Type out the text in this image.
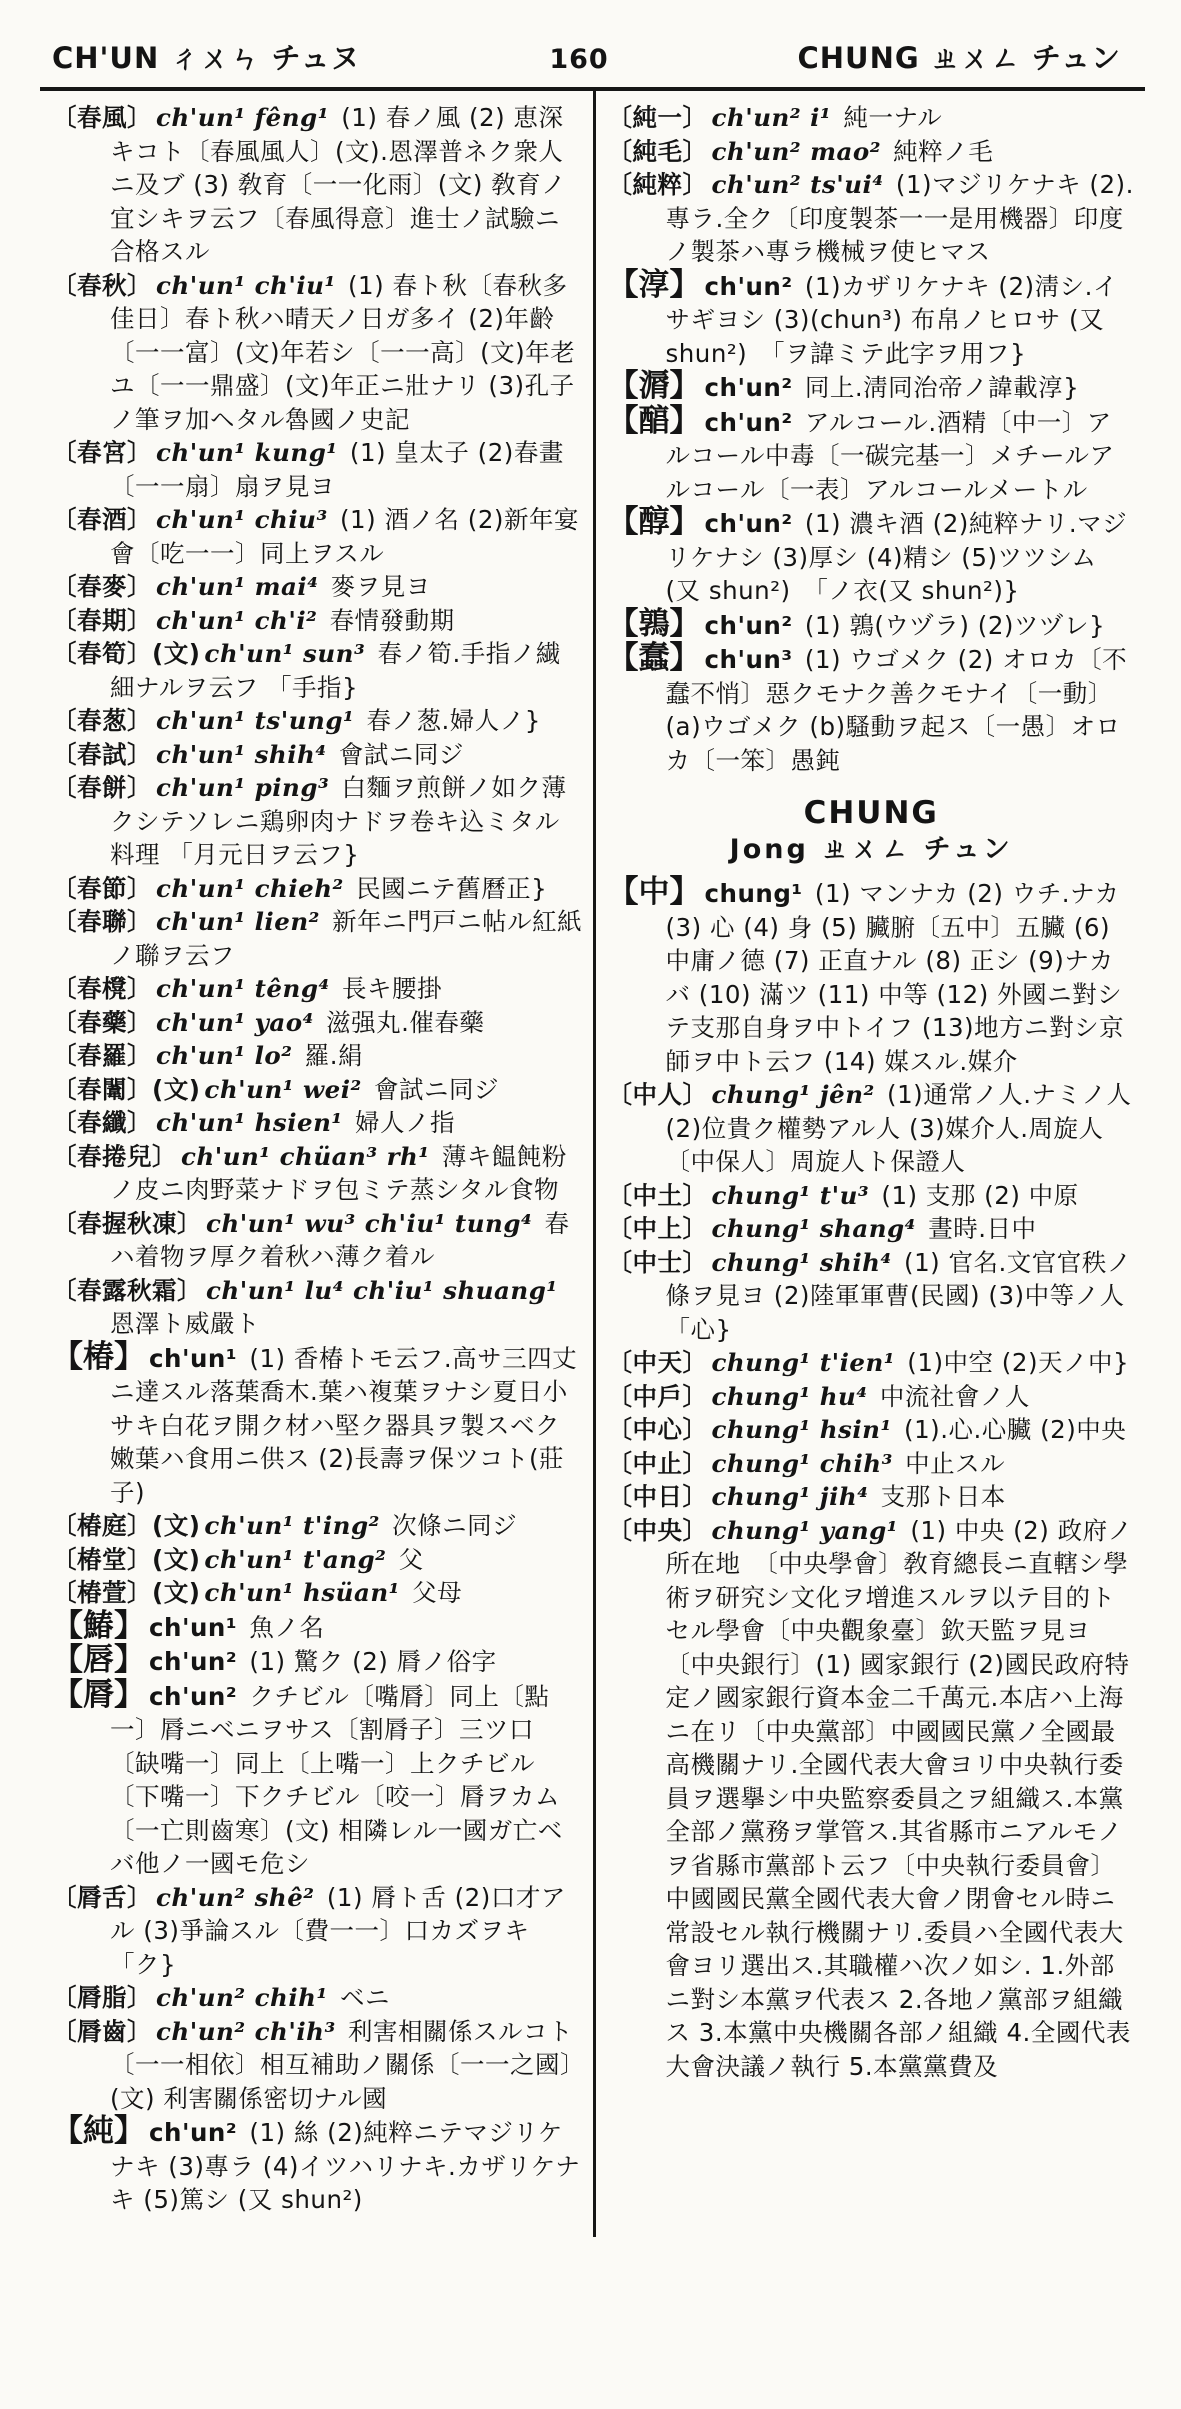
CH'UN ㄔㄨㄣ チュヌ	160	CHUNG ㄓㄨㄥ チュン

〔春風〕 ch'un¹ fêng¹ (1) 春ノ風 (2) 恵深キコト〔春風風人〕(文).恩澤普ネク衆人ニ及ブ (3) 敎育〔一一化雨〕(文) 敎育ノ宜シキヲ云フ〔春風得意〕進士ノ試驗ニ合格スル

〔春秋〕 ch'un¹ ch'iu¹ (1) 春ト秋〔春秋多佳日〕春ト秋ハ晴天ノ日ガ多イ (2)年齡〔一一富〕(文)年若シ〔一一高〕(文)年老ユ〔一一鼎盛〕(文)年正ニ壯ナリ (3)孔子ノ筆ヲ加ヘタル魯國ノ史記

〔春宮〕 ch'un¹ kung¹ (1) 皇太子 (2)春畫〔一一扇〕扇ヲ見ヨ

〔春酒〕 ch'un¹ chiu³ (1) 酒ノ名 (2)新年宴會〔吃一一〕同上ヲスル

〔春麥〕 ch'un¹ mai⁴ 麥ヲ見ヨ

〔春期〕 ch'un¹ ch'i² 春情發動期

〔春筍〕(文) ch'un¹ sun³ 春ノ筍.手指ノ繊細ナルヲ云フ 「手指}

〔春葱〕 ch'un¹ ts'ung¹ 春ノ葱.婦人ノ}

〔春試〕 ch'un¹ shih⁴ 會試ニ同ジ

〔春餅〕 ch'un¹ ping³ 白麵ヲ煎餅ノ如ク薄クシテソレニ鶏卵肉ナドヲ卷キ込ミタル料理 「月元日ヲ云フ}

〔春節〕 ch'un¹ chieh² 民國ニテ舊曆正}

〔春聯〕 ch'un¹ lien² 新年ニ門戸ニ帖ル紅紙ノ聯ヲ云フ

〔春櫈〕 ch'un¹ têng⁴ 長キ腰掛

〔春藥〕 ch'un¹ yao⁴ 滋强丸.催春藥

〔春羅〕 ch'un¹ lo² 羅.絹

〔春闈〕(文) ch'un¹ wei² 會試ニ同ジ

〔春纖〕 ch'un¹ hsien¹ 婦人ノ指

〔春捲兒〕 ch'un¹ chüan³ rh¹ 薄キ饂飩粉ノ皮ニ肉野菜ナドヲ包ミテ蒸シタル食物

〔春握秋凍〕 ch'un¹ wu³ ch'iu¹ tung⁴ 春ハ着物ヲ厚ク着秋ハ薄ク着ル

〔春露秋霜〕 ch'un¹ lu⁴ ch'iu¹ shuang¹ 恩澤ト威嚴ト

【椿】 ch'un¹ (1) 香椿トモ云フ.高サ三四丈ニ達スル落葉喬木.葉ハ複葉ヲナシ夏日小サキ白花ヲ開ク材ハ堅ク器具ヲ製スベク嫩葉ハ食用ニ供ス (2)長壽ヲ保ツコト(莊子)

〔椿庭〕(文) ch'un¹ t'ing² 次條ニ同ジ

〔椿堂〕(文) ch'un¹ t'ang² 父

〔椿萱〕(文) ch'un¹ hsüan¹ 父母

【鰆】 ch'un¹ 魚ノ名

【唇】 ch'un² (1) 驚ク (2) 脣ノ俗字

【脣】 ch'un² クチビル〔嘴脣〕同上〔點一〕脣ニベニヲサス〔割脣子〕三ツ口〔缺嘴一〕同上〔上嘴一〕上クチビル〔下嘴一〕下クチビル〔咬一〕脣ヲカム〔一亡則齒寒〕(文) 相隣レル一國ガ亡ベバ他ノ一國モ危シ

〔脣舌〕 ch'un² shê² (1) 脣ト舌 (2)口才アル (3)爭論スル〔費一一〕口カズヲキ 「ク}

〔脣脂〕 ch'un² chih¹ ベニ

〔脣齒〕 ch'un² ch'ih³ 利害相關係スルコト〔一一相依〕相互補助ノ關係〔一一之國〕(文) 利害關係密切ナル國

【純】 ch'un² (1) 絲 (2)純粹ニテマジリケナキ (3)專ラ (4)イツハリナキ.カザリケナキ (5)篤シ (又 shun²)

〔純一〕 ch'un² i¹ 純一ナル

〔純毛〕 ch'un² mao² 純粹ノ毛

〔純粹〕 ch'un² ts'ui⁴ (1)マジリケナキ (2).專ラ.全ク〔印度製茶一一是用機器〕印度ノ製茶ハ專ラ機械ヲ使ヒマス

【淳】 ch'un² (1)カザリケナキ (2)淸シ.イサギヨシ (3)(chun³) 布帛ノヒロサ (又 shun²)　「ヲ諱ミテ此字ヲ用フ}

【漘】 ch'un² 同上.淸同治帝ノ諱載淳}

【醕】 ch'un² アルコール.酒精〔中一〕アルコール中毒〔一碳完基一〕メチールアルコール〔一表〕アルコールメートル

【醇】 ch'un² (1) 濃キ酒 (2)純粹ナリ.マジリケナシ (3)厚シ (4)精シ (5)ツツシム (又 shun²)　「ノ衣(又 shun²)}

【鶉】 ch'un² (1) 鶉(ウヅラ) (2)ツヅレ}

【蠢】 ch'un³ (1) ウゴメク (2) オロカ〔不蠢不悄〕惡クモナク善クモナイ〔一動〕(a)ウゴメク (b)騷動ヲ起ス〔一愚〕オロカ〔一笨〕愚鈍

CHUNG

Jong ㄓㄨㄥ チュン

【中】 chung¹ (1) マンナカ (2) ウチ.ナカ (3) 心 (4) 身 (5) 臟腑〔五中〕五臟 (6)中庸ノ德 (7) 正直ナル (8) 正シ (9)ナカバ (10) 滿ツ (11) 中等 (12) 外國ニ對シテ支那自身ヲ中トイフ (13)地方ニ對シ京師ヲ中ト云フ (14) 媒スル.媒介

〔中人〕 chung¹ jên² (1)通常ノ人.ナミノ人 (2)位貴ク權勢アル人 (3)媒介人.周旋人〔中保人〕周旋人ト保證人

〔中土〕 chung¹ t'u³ (1) 支那 (2) 中原

〔中上〕 chung¹ shang⁴ 晝時.日中

〔中士〕 chung¹ shih⁴ (1) 官名.文官官秩ノ條ヲ見ヨ (2)陸軍軍曹(民國) (3)中等ノ人 「心}

〔中天〕 chung¹ t'ien¹ (1)中空 (2)天ノ中}

〔中戶〕 chung¹ hu⁴ 中流社會ノ人

〔中心〕 chung¹ hsin¹ (1).心.心臟 (2)中央

〔中止〕 chung¹ chih³ 中止スル

〔中日〕 chung¹ jih⁴ 支那ト日本

〔中央〕 chung¹ yang¹ (1) 中央 (2) 政府ノ所在地　〔中央學會〕敎育總長ニ直轄シ學術ヲ研究シ文化ヲ增進スルヲ以テ目的トセル學會〔中央觀象臺〕欽天監ヲ見ヨ〔中央銀行〕(1) 國家銀行 (2)國民政府特定ノ國家銀行資本金二千萬元.本店ハ上海ニ在リ〔中央黨部〕中國國民黨ノ全國最高機關ナリ.全國代表大會ヨリ中央執行委員ヲ選擧シ中央監察委員之ヲ組織ス.本黨全部ノ黨務ヲ掌管ス.其省縣市ニアルモノヲ省縣市黨部ト云フ〔中央執行委員會〕中國國民黨全國代表大會ノ閉會セル時ニ常設セル執行機關ナリ.委員ハ全國代表大會ヨリ選出ス.其職權ハ次ノ如シ. 1.外部ニ對シ本黨ヲ代表ス 2.各地ノ黨部ヲ組織ス 3.本黨中央機關各部ノ組織 4.全國代表大會決議ノ執行 5.本黨黨費及
